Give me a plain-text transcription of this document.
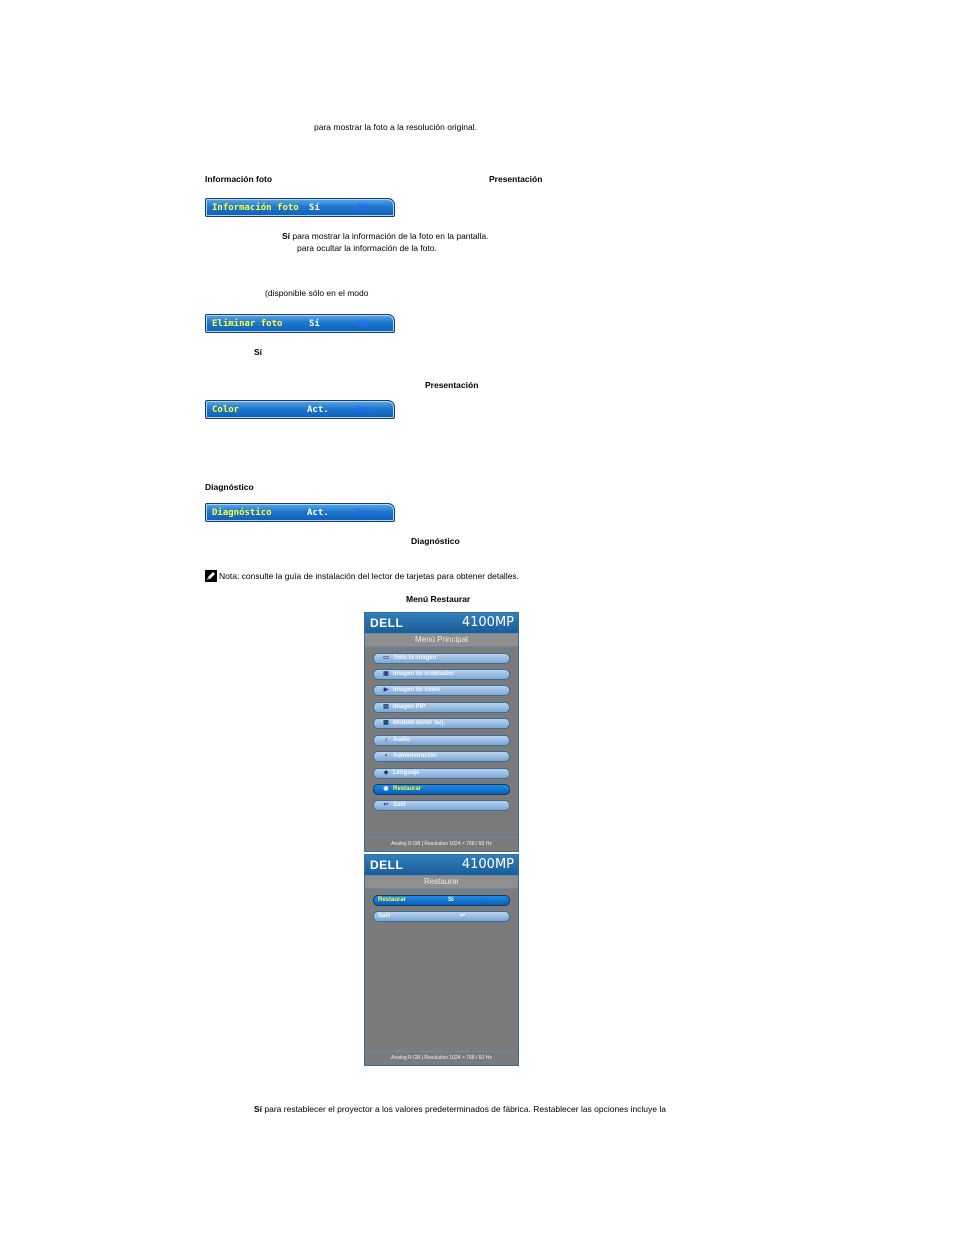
para mostrar la foto a la resolución original.
Información foto	Presentación
Información foto Sí	No
Sí para mostrar la información de la foto en la pantalla.
para ocultar la información de la foto.
(disponible sólo en el modo
Eliminar foto	Sí	No
Sí
Presentación
Color	Act.	Des.
Diagnóstico
Diagnóstico	Act.	Des.
Diagnóstico
Nota: consulte la guía de instalación del lector de tarjetas para obtener detalles.
Menú Restaurar
DELL	4100MP
Menú Principal
▭ Toda la imagen
▣ Imagen de ordenador
▶ Imagen de vídeo
▤ Imagen PIP
▦ Módulo lector tarj.
♪ Audio
▪ Administración
◆ Lenguaje
◉ Restaurar
↩ Salir
Analog R GB | Resolution 1024 × 768 / 60 Hz
DELL	4100MP
Restaurar
Restaurar	Sí	No
Salir	↩
Analog R GB | Resolution 1024 × 768 / 60 Hz
Sí para restablecer el proyector a los valores predeterminados de fábrica. Restablecer las opciones incluye la
